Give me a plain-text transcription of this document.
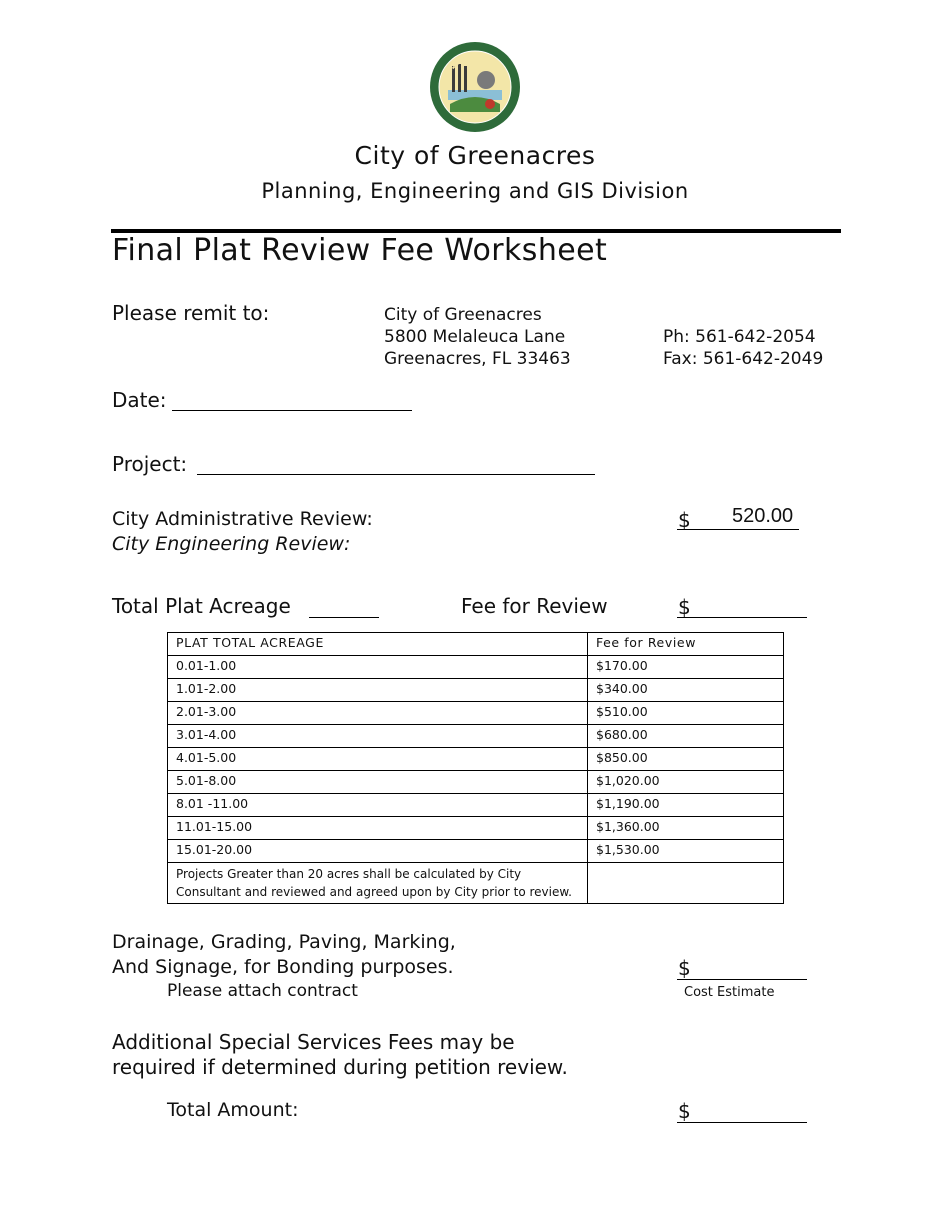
City of Greenacres
Planning, Engineering and GIS Division
Final Plat Review Fee Worksheet
Please remit to:	City of Greenacres
5800 Melaleuca Lane
Greenacres, FL 33463
Ph: 561-642-2054
Fax: 561-642-2049
Date:
Project:
City Administrative Review:
City Engineering Review:
$ 520.00
Total Plat Acreage	Fee for Review	$
PLAT TOTAL ACREAGE	Fee for Review
0.01-1.00	$170.00
1.01-2.00	$340.00
2.01-3.00	$510.00
3.01-4.00	$680.00
4.01-5.00	$850.00
5.01-8.00	$1,020.00
8.01 -11.00	$1,190.00
11.01-15.00	$1,360.00
15.01-20.00	$1,530.00
Projects Greater than 20 acres shall be calculated by City Consultant and reviewed and agreed upon by City prior to review.	
Drainage, Grading, Paving, Marking,
And Signage, for Bonding purposes.
Please attach contract
$
Cost Estimate
Additional Special Services Fees may be
required if determined during petition review.
Total Amount:	$
